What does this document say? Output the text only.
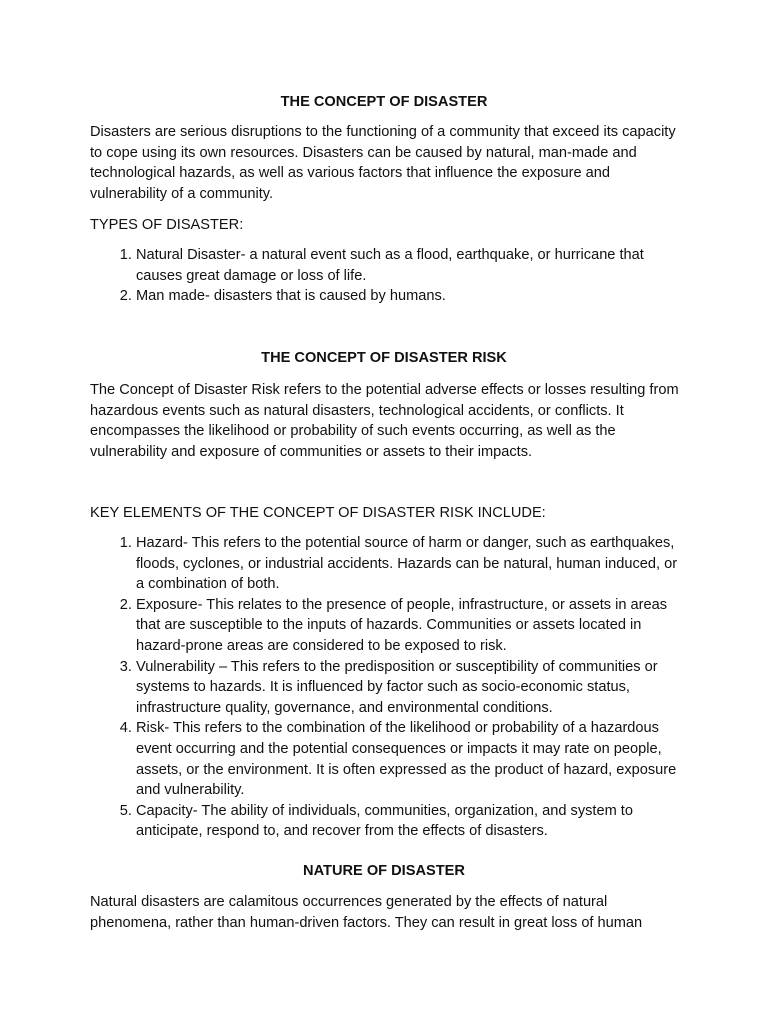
THE CONCEPT OF DISASTER

Disasters are serious disruptions to the functioning of a community that exceed its capacity to cope using its own resources. Disasters can be caused by natural, man-made and technological hazards, as well as various factors that influence the exposure and vulnerability of a community.

TYPES OF DISASTER:

1. Natural Disaster- a natural event such as a flood, earthquake, or hurricane that causes great damage or loss of life.
2. Man made- disasters that is caused by humans.
THE CONCEPT OF DISASTER RISK

The Concept of Disaster Risk refers to the potential adverse effects or losses resulting from hazardous events such as natural disasters, technological accidents, or conflicts. It encompasses the likelihood or probability of such events occurring, as well as the vulnerability and exposure of communities or assets to their impacts.

KEY ELEMENTS OF THE CONCEPT OF DISASTER RISK INCLUDE:

1. Hazard- This refers to the potential source of harm or danger, such as earthquakes, floods, cyclones, or industrial accidents. Hazards can be natural, human induced, or a combination of both.
2. Exposure- This relates to the presence of people, infrastructure, or assets in areas that are susceptible to the inputs of hazards. Communities or assets located in hazard-prone areas are considered to be exposed to risk.
3. Vulnerability – This refers to the predisposition or susceptibility of communities or systems to hazards. It is influenced by factor such as socio-economic status, infrastructure quality, governance, and environmental conditions.
4. Risk- This refers to the combination of the likelihood or probability of a hazardous event occurring and the potential consequences or impacts it may rate on people, assets, or the environment. It is often expressed as the product of hazard, exposure and vulnerability.
5. Capacity- The ability of individuals, communities, organization, and system to anticipate, respond to, and recover from the effects of disasters.
NATURE OF DISASTER

Natural disasters are calamitous occurrences generated by the effects of natural phenomena, rather than human-driven factors. They can result in great loss of human
